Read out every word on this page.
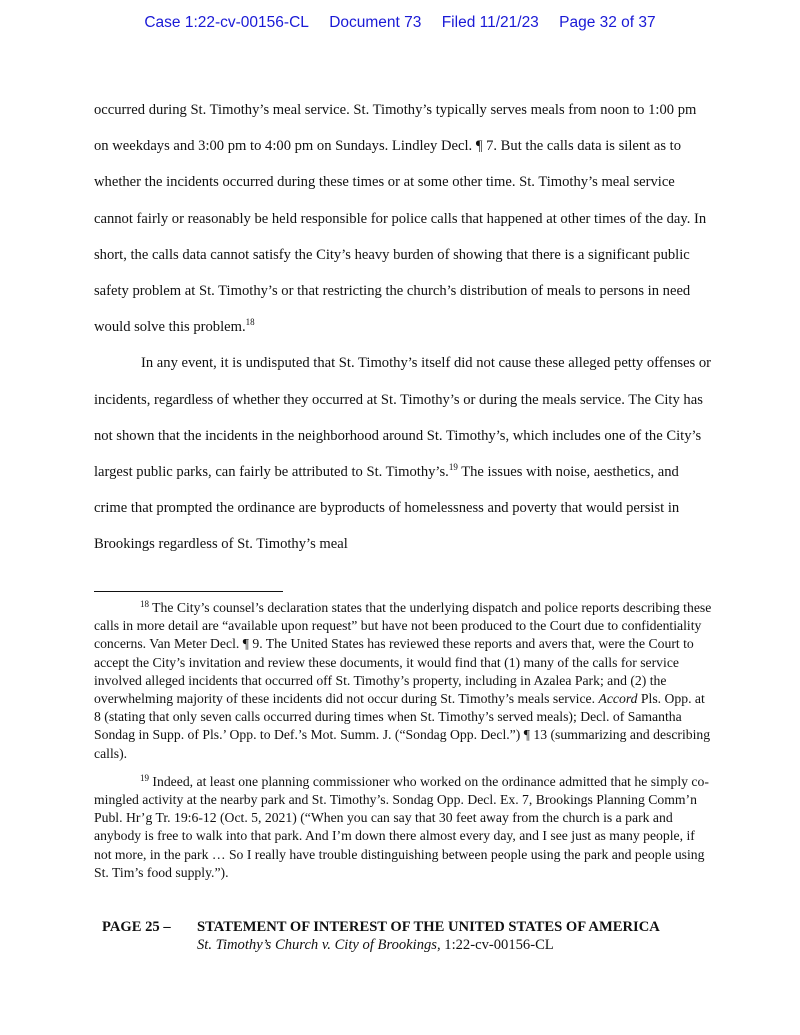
Case 1:22-cv-00156-CL Document 73 Filed 11/21/23 Page 32 of 37

occurred during St. Timothy’s meal service. St. Timothy’s typically serves meals from noon to 1:00 pm on weekdays and 3:00 pm to 4:00 pm on Sundays. Lindley Decl. ¶ 7. But the calls data is silent as to whether the incidents occurred during these times or at some other time. St. Timothy’s meal service cannot fairly or reasonably be held responsible for police calls that happened at other times of the day. In short, the calls data cannot satisfy the City’s heavy burden of showing that there is a significant public safety problem at St. Timothy’s or that restricting the church’s distribution of meals to persons in need would solve this problem.$^{18}$

In any event, it is undisputed that St. Timothy’s itself did not cause these alleged petty offenses or incidents, regardless of whether they occurred at St. Timothy’s or during the meals service. The City has not shown that the incidents in the neighborhood around St. Timothy’s, which includes one of the City’s largest public parks, can fairly be attributed to St. Timothy’s.$^{19}$ The issues with noise, aesthetics, and crime that prompted the ordinance are byproducts of homelessness and poverty that would persist in Brookings regardless of St. Timothy’s meal

$^{18}$ The City’s counsel’s declaration states that the underlying dispatch and police reports describing these calls in more detail are “available upon request” but have not been produced to the Court due to confidentiality concerns. Van Meter Decl. ¶ 9. The United States has reviewed these reports and avers that, were the Court to accept the City’s invitation and review these documents, it would find that (1) many of the calls for service involved alleged incidents that occurred off St. Timothy’s property, including in Azalea Park; and (2) the overwhelming majority of these incidents did not occur during St. Timothy’s meals service. Accord Pls. Opp. at 8 (stating that only seven calls occurred during times when St. Timothy’s served meals); Decl. of Samantha Sondag in Supp. of Pls.’ Opp. to Def.’s Mot. Summ. J. (“Sondag Opp. Decl.”) ¶ 13 (summarizing and describing calls).

$^{19}$ Indeed, at least one planning commissioner who worked on the ordinance admitted that he simply co-mingled activity at the nearby park and St. Timothy’s. Sondag Opp. Decl. Ex. 7, Brookings Planning Comm’n Publ. Hr’g Tr. 19:6-12 (Oct. 5, 2021) (“When you can say that 30 feet away from the church is a park and anybody is free to walk into that park. And I’m down there almost every day, and I see just as many people, if not more, in the park … So I really have trouble distinguishing between people using the park and people using St. Tim’s food supply.”).

PAGE 25 –	STATEMENT OF INTEREST OF THE UNITED STATES OF AMERICA
St. Timothy’s Church v. City of Brookings, 1:22-cv-00156-CL
